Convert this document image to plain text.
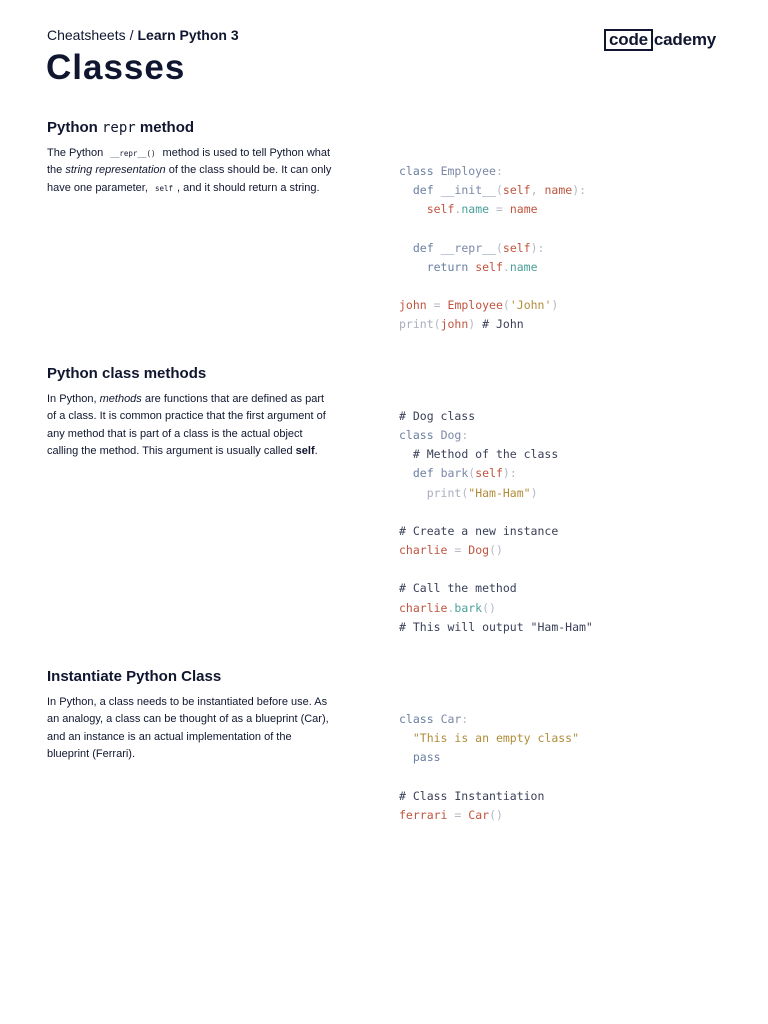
Cheatsheets / Learn Python 3	code cademy
Classes
Python repr method

The Python __repr__() method is used to tell Python what the string representation of the class should be. It can only have one parameter, self , and it should return a string.

class Employee:
def __init__(self, name):
self.name = name

def __repr__(self):
return self.name

john = Employee('John')
print(john) # John
Python class methods

In Python, methods are functions that are defined as part of a class. It is common practice that the first argument of any method that is part of a class is the actual object calling the method. This argument is usually called self.

# Dog class
class Dog:
# Method of the class
def bark(self):
print("Ham-Ham")

# Create a new instance
charlie = Dog()

# Call the method
charlie.bark()
# This will output "Ham-Ham"
Instantiate Python Class

In Python, a class needs to be instantiated before use. As an analogy, a class can be thought of as a blueprint (Car), and an instance is an actual implementation of the blueprint (Ferrari).

class Car:
"This is an empty class"
pass

# Class Instantiation
ferrari = Car()
